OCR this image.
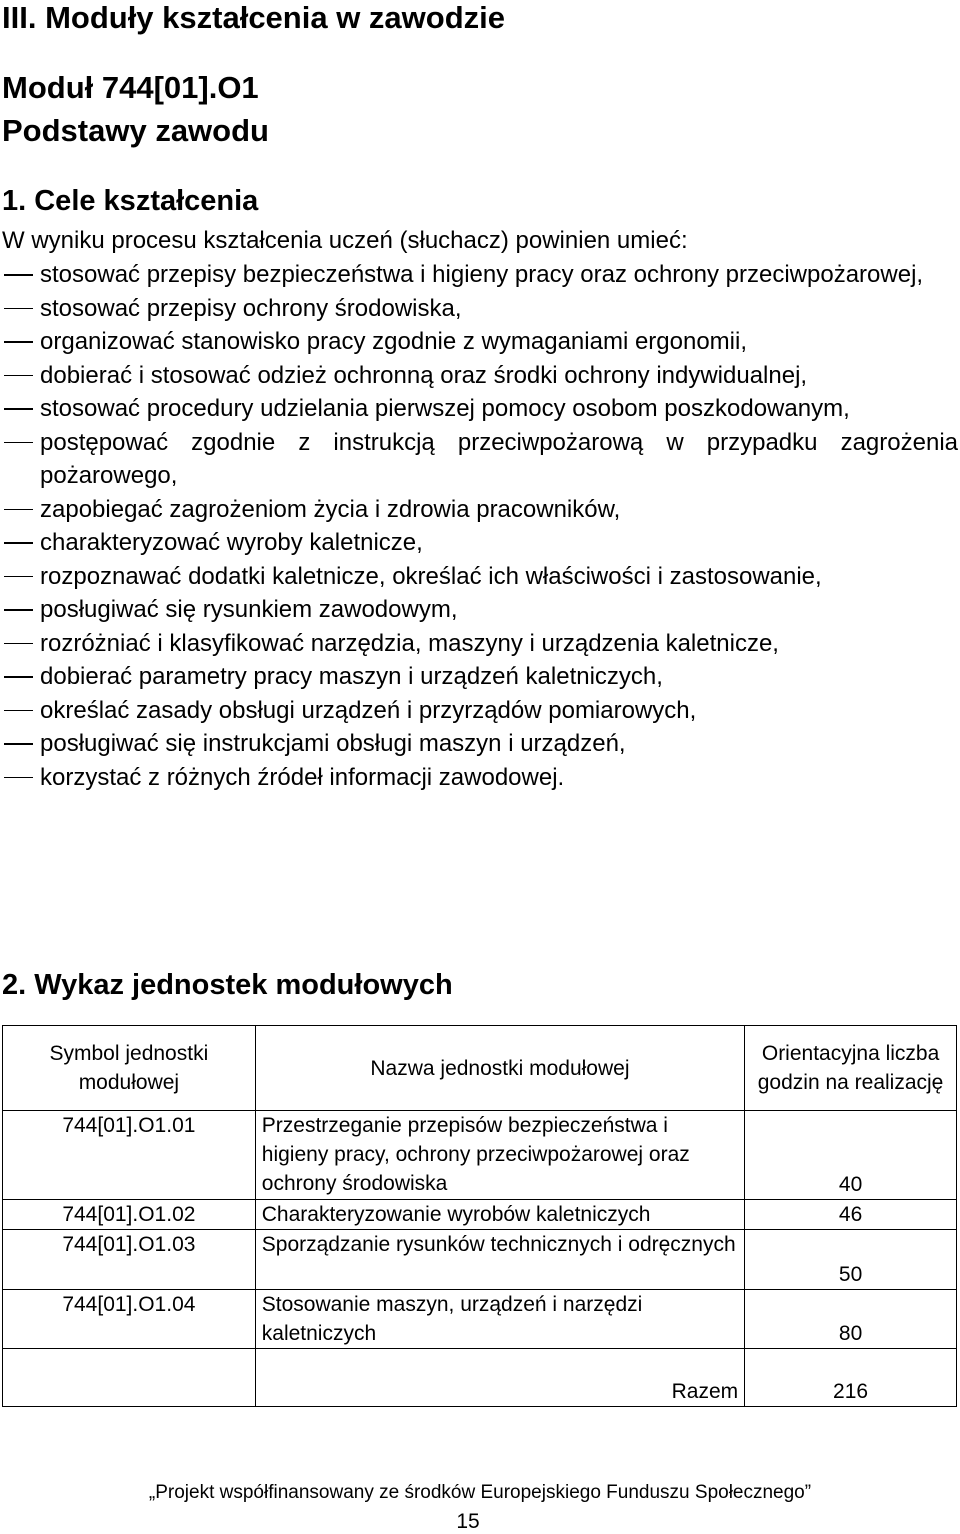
III. Moduły kształcenia w zawodzie
Moduł 744[01].O1
Podstawy zawodu
1. Cele kształcenia
W wyniku procesu kształcenia uczeń (słuchacz) powinien umieć:
stosować przepisy bezpieczeństwa i higieny pracy oraz ochrony przeciwpożarowej,
stosować przepisy ochrony środowiska,
organizować stanowisko pracy zgodnie z wymaganiami ergonomii,
dobierać i stosować odzież ochronną oraz środki ochrony indywidualnej,
stosować procedury udzielania pierwszej pomocy osobom poszkodowanym,
postępować zgodnie z instrukcją przeciwpożarową w przypadku zagrożenia pożarowego,
zapobiegać zagrożeniom życia i zdrowia pracowników,
charakteryzować wyroby kaletnicze,
rozpoznawać dodatki kaletnicze, określać ich właściwości i zastosowanie,
posługiwać się rysunkiem zawodowym,
rozróżniać i klasyfikować narzędzia, maszyny i urządzenia kaletnicze,
dobierać parametry pracy maszyn i urządzeń kaletniczych,
określać zasady obsługi urządzeń i przyrządów pomiarowych,
posługiwać się instrukcjami obsługi maszyn i urządzeń,
korzystać z różnych źródeł informacji zawodowej.
2. Wykaz jednostek modułowych
Symbol jednostki modułowej	Nazwa jednostki modułowej	Orientacyjna liczba godzin na realizację
744[01].O1.01	Przestrzeganie przepisów bezpieczeństwa i higieny pracy, ochrony przeciwpożarowej oraz ochrony środowiska	40
744[01].O1.02	Charakteryzowanie wyrobów kaletniczych	46
744[01].O1.03	Sporządzanie rysunków technicznych i odręcznych	50
744[01].O1.04	Stosowanie maszyn, urządzeń i narzędzi kaletniczych	80
	Razem	216
„Projekt współfinansowany ze środków Europejskiego Funduszu Społecznego”
15
